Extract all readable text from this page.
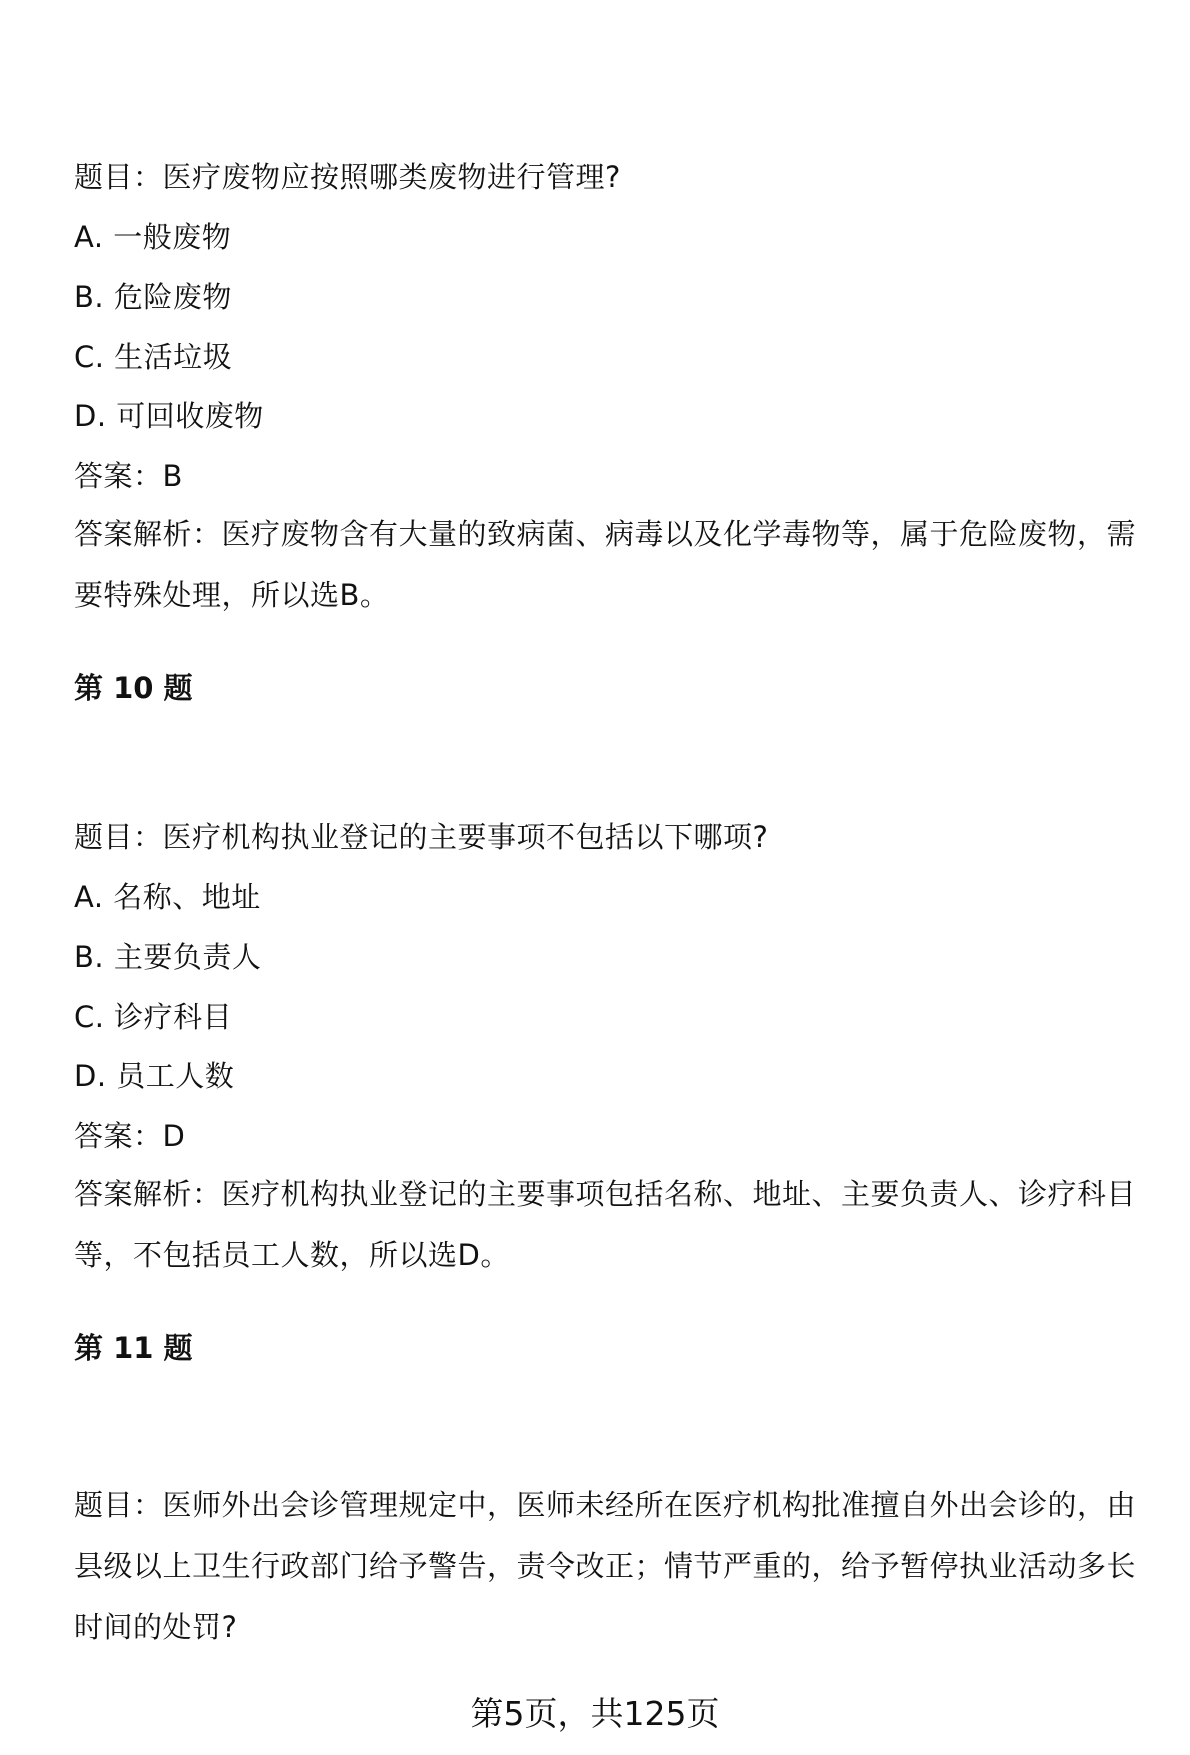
题目：医疗废物应按照哪类废物进行管理?
A. 一般废物
B. 危险废物
C. 生活垃圾
D. 可回收废物
答案：B
答案解析：医疗废物含有大量的致病菌、病毒以及化学毒物等，属于危险废物，需要特殊处理，所以选B。
第 10 题
题目：医疗机构执业登记的主要事项不包括以下哪项?
A. 名称、地址
B. 主要负责人
C. 诊疗科目
D. 员工人数
答案：D
答案解析：医疗机构执业登记的主要事项包括名称、地址、主要负责人、诊疗科目等，不包括员工人数，所以选D。
第 11 题
题目：医师外出会诊管理规定中，医师未经所在医疗机构批准擅自外出会诊的，由县级以上卫生行政部门给予警告，责令改正；情节严重的，给予暂停执业活动多长时间的处罚?
第5页，共125页
